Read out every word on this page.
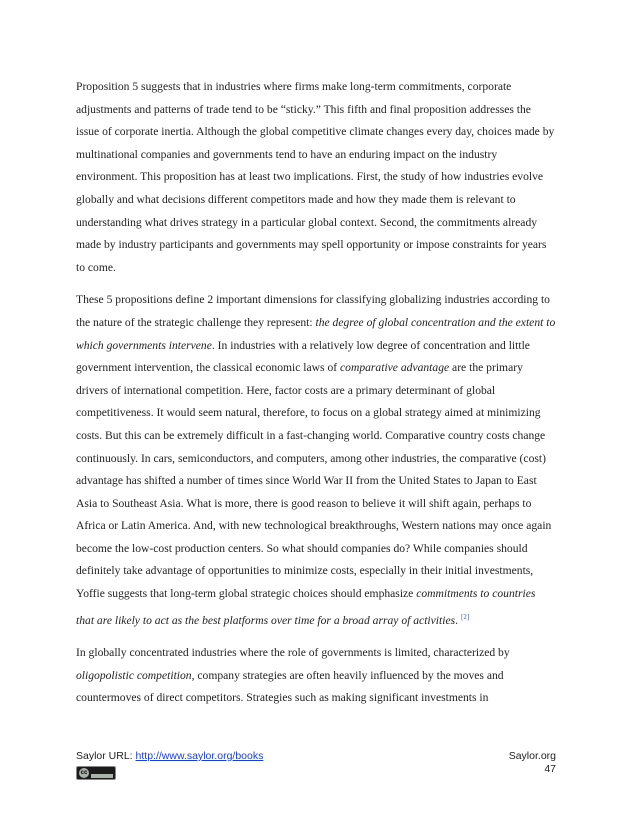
Proposition 5 suggests that in industries where firms make long-term commitments, corporate adjustments and patterns of trade tend to be “sticky.” This fifth and final proposition addresses the issue of corporate inertia. Although the global competitive climate changes every day, choices made by multinational companies and governments tend to have an enduring impact on the industry environment. This proposition has at least two implications. First, the study of how industries evolve globally and what decisions different competitors made and how they made them is relevant to understanding what drives strategy in a particular global context. Second, the commitments already made by industry participants and governments may spell opportunity or impose constraints for years to come.

These 5 propositions define 2 important dimensions for classifying globalizing industries according to the nature of the strategic challenge they represent: the degree of global concentration and the extent to which governments intervene. In industries with a relatively low degree of concentration and little government intervention, the classical economic laws of comparative advantage are the primary drivers of international competition. Here, factor costs are a primary determinant of global competitiveness. It would seem natural, therefore, to focus on a global strategy aimed at minimizing costs. But this can be extremely difficult in a fast-changing world. Comparative country costs change continuously. In cars, semiconductors, and computers, among other industries, the comparative (cost) advantage has shifted a number of times since World War II from the United States to Japan to East Asia to Southeast Asia. What is more, there is good reason to believe it will shift again, perhaps to Africa or Latin America. And, with new technological breakthroughs, Western nations may once again become the low-cost production centers. So what should companies do? While companies should definitely take advantage of opportunities to minimize costs, especially in their initial investments, Yoffie suggests that long-term global strategic choices should emphasize commitments to countries that are likely to act as the best platforms over time for a broad array of activities. [2]

In globally concentrated industries where the role of governments is limited, characterized by oligopolistic competition, company strategies are often heavily influenced by the moves and countermoves of direct competitors. Strategies such as making significant investments in

Saylor URL: http://www.saylor.org/books
cc
Saylor.org
47
